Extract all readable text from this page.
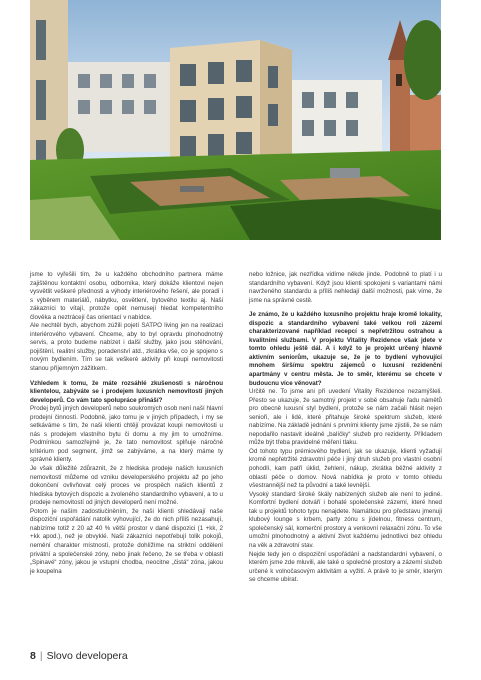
jsme to vyřešili tím, že u každého obchodního partnera máme zajištěnou kontaktní osobu, odborníka, který dokáže klientovi nejen vysvětlit veškeré přednosti a výhody interiérového řešení, ale poradí i s výběrem materiálů, nábytku, osvětlení, bytového textilu aj. Naši zákazníci to vítají, protože opět nemusejí hledat kompetentního člověka a neztrácejí čas orientací v nabídce.

Ale nechtěl bych, abychom zúžili pojetí SATPO living jen na realizaci interiérového vybavení. Chceme, aby to byl opravdu plnohodnotný servis, a proto budeme nabízet i další služby, jako jsou stěhování, pojištění, realitní služby, poradenství atd., zkrátka vše, co je spojeno s novým bydlením. Tím se tak veškeré aktivity při koupi nemovitosti stanou příjemným zážitkem.

Vzhledem k tomu, že máte rozsáhlé zkušenosti s náročnou klientelou, zabýváte se i prodejem luxusních nemovitostí jiných developerů. Co vám tato spolupráce přináší?

Prodej bytů jiných developerů nebo soukromých osob není naší hlavní prodejní činností. Podobně, jako tomu je v jiných případech, i my se setkáváme s tím, že naši klienti chtějí provázat koupi nemovitosti u nás s prodejem vlastního bytu či domu a my jim to umožníme. Podmínkou samozřejmě je, že tato nemovitost splňuje náročné kritérium pod segment, jímž se zabýváme, a na který máme ty správné klienty.

Je však důležité zdůraznit, že z hlediska prodeje našich luxusních nemovitostí můžeme od vzniku developerského projektu až po jeho dokončení ovlivňovat celý proces ve prospěch našich klientů z hlediska bytových dispozic a zvoleného standardního vybavení, a to u prodeje nemovitostí od jiných developerů není možné.

Potom je naším zadostiučiněním, že naši klienti shledávají naše dispoziční uspořádání natolik vyhovující, že do nich příliš nezasahují, nabízíme totiž z 20 až 40 % větší prostor v dané dispozici (1 +kk, 2 +kk apod.), než je obvyklé. Naši zákazníci nepotřebují tolik pokojů, nemění charakter místností, protože dohlížíme na striktní oddělení privátní a společenské zóny, nebo jinak řečeno, že se třeba v oblasti „Spinavé“ zóny, jakou je vstupní chodba, neocitne „čistá“ zóna, jakou je koupelna

nebo ložnice, jak nezřídka vidíme někde jinde. Podobně to platí i u standardního vybavení. Když jsou klienti spokojeni s variantami námi navrženého standardu a příliš nehledají další možnosti, pak víme, že jsme na správné cestě.

Je známo, že u každého luxusního projektu hraje kromě lokality, dispozic a standardního vybavení také velkou roli zázemí charakterizované například recepcí s nepřetržitou ostrahou a kvalitními službami. V projektu Vitality Rezidence však jdete v tomto ohledu ještě dál. A i když to je projekt určený hlavně aktivním seniorům, ukazuje se, že je to bydlení vyhovující mnohem širšímu spektru zájemců o luxusní rezidenční apartmány v centru města. Je to směr, kterému se chcete v budoucnu více věnovat?

Určitě ne. To jsme ani při uvedení Vitality Rezidence nezamýšleli. Přesto se ukazuje, že samotný projekt v sobě obsahuje řadu námětů pro obecně luxusní styl bydlení, protože se nám začali hlásit nejen senioři, ale i lidé, které přitahuje široké spektrum služeb, které nabízíme. Na základě jednání s prvními klienty jsme zjistili, že se nám nepodařilo nastavit ideálně „balíčky“ služeb pro rezidenty. Příkladem může být třeba pravidelné měření tlaku.

Od tohoto typu prémiového bydlení, jak se ukazuje, klienti vyžadují kromě nepřetržité zdravotní péče i jiný druh služeb pro vlastní osobní pohodlí, kam patří úklid, žehlení, nákup, zkrátka běžné aktivity z oblasti péče o domov. Nová nabídka je proto v tomto ohledu všestrannější než ta původní a také levnější.

Vysoký standard široké škály nabízených služeb ale není to jediné. Komfortní bydlení dotváří i bohaté společenské zázemí, které hned tak u projektů tohoto typu nenajdete. Namátkou pro představu jmenuji klubový lounge s krbem, party zónu s jídelnou, fitness centrum, společenský sál, komerční prostory a venkovní relaxační zónu. To vše umožní plnohodnotný a aktivní život každému jednotlivci bez ohledu na věk a zdravotní stav.

Nejde tedy jen o dispoziční uspořádání a nadstandardní vybavení, o kterém jsme zde mluvili, ale také o společné prostory a zázemí služeb určené k volnočasovým aktivitám a vyžití. A právě to je směr, kterým se chceme ubírat.

8 | Slovo developera
